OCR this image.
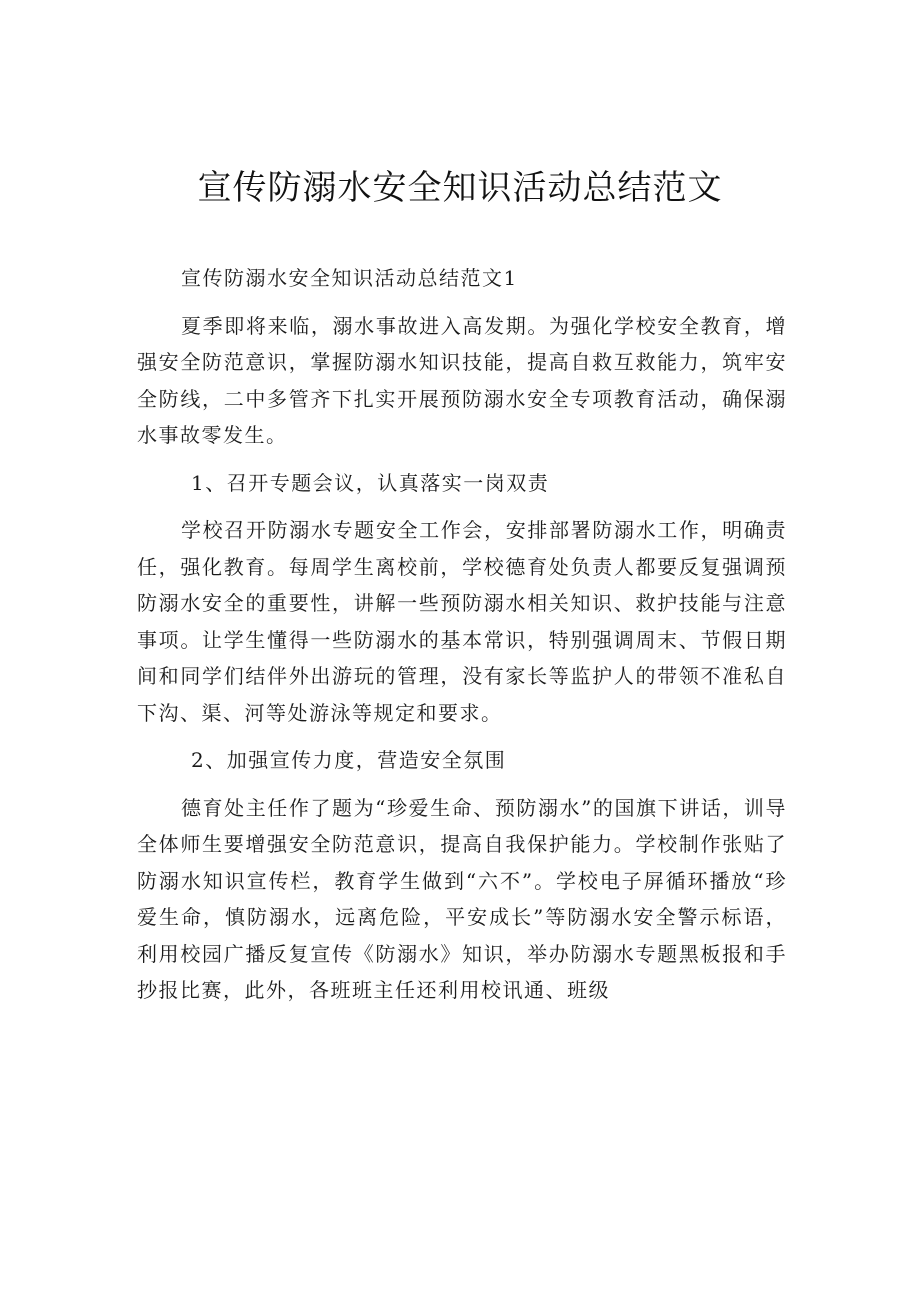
宣传防溺水安全知识活动总结范文

宣传防溺水安全知识活动总结范文1

夏季即将来临，溺水事故进入高发期。为强化学校安全教育，增强安全防范意识，掌握防溺水知识技能，提高自救互救能力，筑牢安全防线，二中多管齐下扎实开展预防溺水安全专项教育活动，确保溺水事故零发生。

1、召开专题会议，认真落实一岗双责

学校召开防溺水专题安全工作会，安排部署防溺水工作，明确责任，强化教育。每周学生离校前，学校德育处负责人都要反复强调预防溺水安全的重要性，讲解一些预防溺水相关知识、救护技能与注意事项。让学生懂得一些防溺水的基本常识，特别强调周末、节假日期间和同学们结伴外出游玩的管理，没有家长等监护人的带领不准私自下沟、渠、河等处游泳等规定和要求。

2、加强宣传力度，营造安全氛围

德育处主任作了题为“珍爱生命、预防溺水”的国旗下讲话，训导全体师生要增强安全防范意识，提高自我保护能力。学校制作张贴了防溺水知识宣传栏，教育学生做到“六不”。学校电子屏循环播放“珍爱生命，慎防溺水，远离危险，平安成长”等防溺水安全警示标语，利用校园广播反复宣传《防溺水》知识，举办防溺水专题黑板报和手抄报比赛，此外，各班班主任还利用校讯通、班级
